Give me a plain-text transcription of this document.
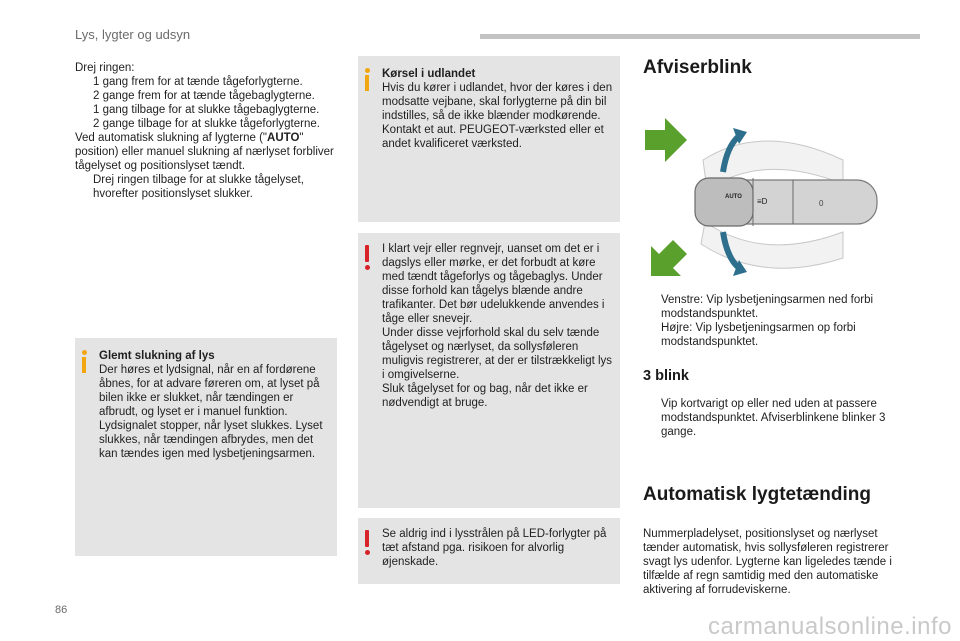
Lys, lygter og udsyn
Drej ringen:
1 gang frem for at tænde tågeforlygterne.
2 gange frem for at tænde tågebaglygterne.
1 gang tilbage for at slukke tågebaglygterne.
2 gange tilbage for at slukke tågeforlygterne.
Ved automatisk slukning af lygterne ("AUTO" position) eller manuel slukning af nærlyset forbliver tågelyset og positionslyset tændt.
Drej ringen tilbage for at slukke tågelyset, hvorefter positionslyset slukker.
Glemt slukning af lys
Der høres et lydsignal, når en af fordørene åbnes, for at advare føreren om, at lyset på bilen ikke er slukket, når tændingen er afbrudt, og lyset er i manuel funktion. Lydsignalet stopper, når lyset slukkes. Lyset slukkes, når tændingen afbrydes, men det kan tændes igen med lysbetjeningsarmen.
Kørsel i udlandet
Hvis du kører i udlandet, hvor der køres i den modsatte vejbane, skal forlygterne på din bil indstilles, så de ikke blænder modkørende.
Kontakt et aut. PEUGEOT-værksted eller et andet kvalificeret værksted.
I klart vejr eller regnvejr, uanset om det er i dagslys eller mørke, er det forbudt at køre med tændt tågeforlys og tågebaglys. Under disse forhold kan tågelys blænde andre trafikanter. Det bør udelukkende anvendes i tåge eller snevejr.
Under disse vejrforhold skal du selv tænde tågelyset og nærlyset, da sollysføleren muligvis registrerer, at der er tilstrækkeligt lys i omgivelserne.
Sluk tågelyset for og bag, når det ikke er nødvendigt at bruge.
Se aldrig ind i lysstrålen på LED-forlygter på tæt afstand pga. risikoen for alvorlig øjenskade.
Afviserblink
AUTO ≡D	0
Venstre: Vip lysbetjeningsarmen ned forbi modstandspunktet.
Højre: Vip lysbetjeningsarmen op forbi modstandspunktet.
3 blink
Vip kortvarigt op eller ned uden at passere modstandspunktet. Afviserblinkene blinker 3 gange.
Automatisk lygtetænding
Nummerpladelyset, positionslyset og nærlyset tænder automatisk, hvis sollysføleren registrerer svagt lys udenfor. Lygterne kan ligeledes tænde i tilfælde af regn samtidig med den automatiske aktivering af forrudeviskerne.
86
carmanualsonline.info
